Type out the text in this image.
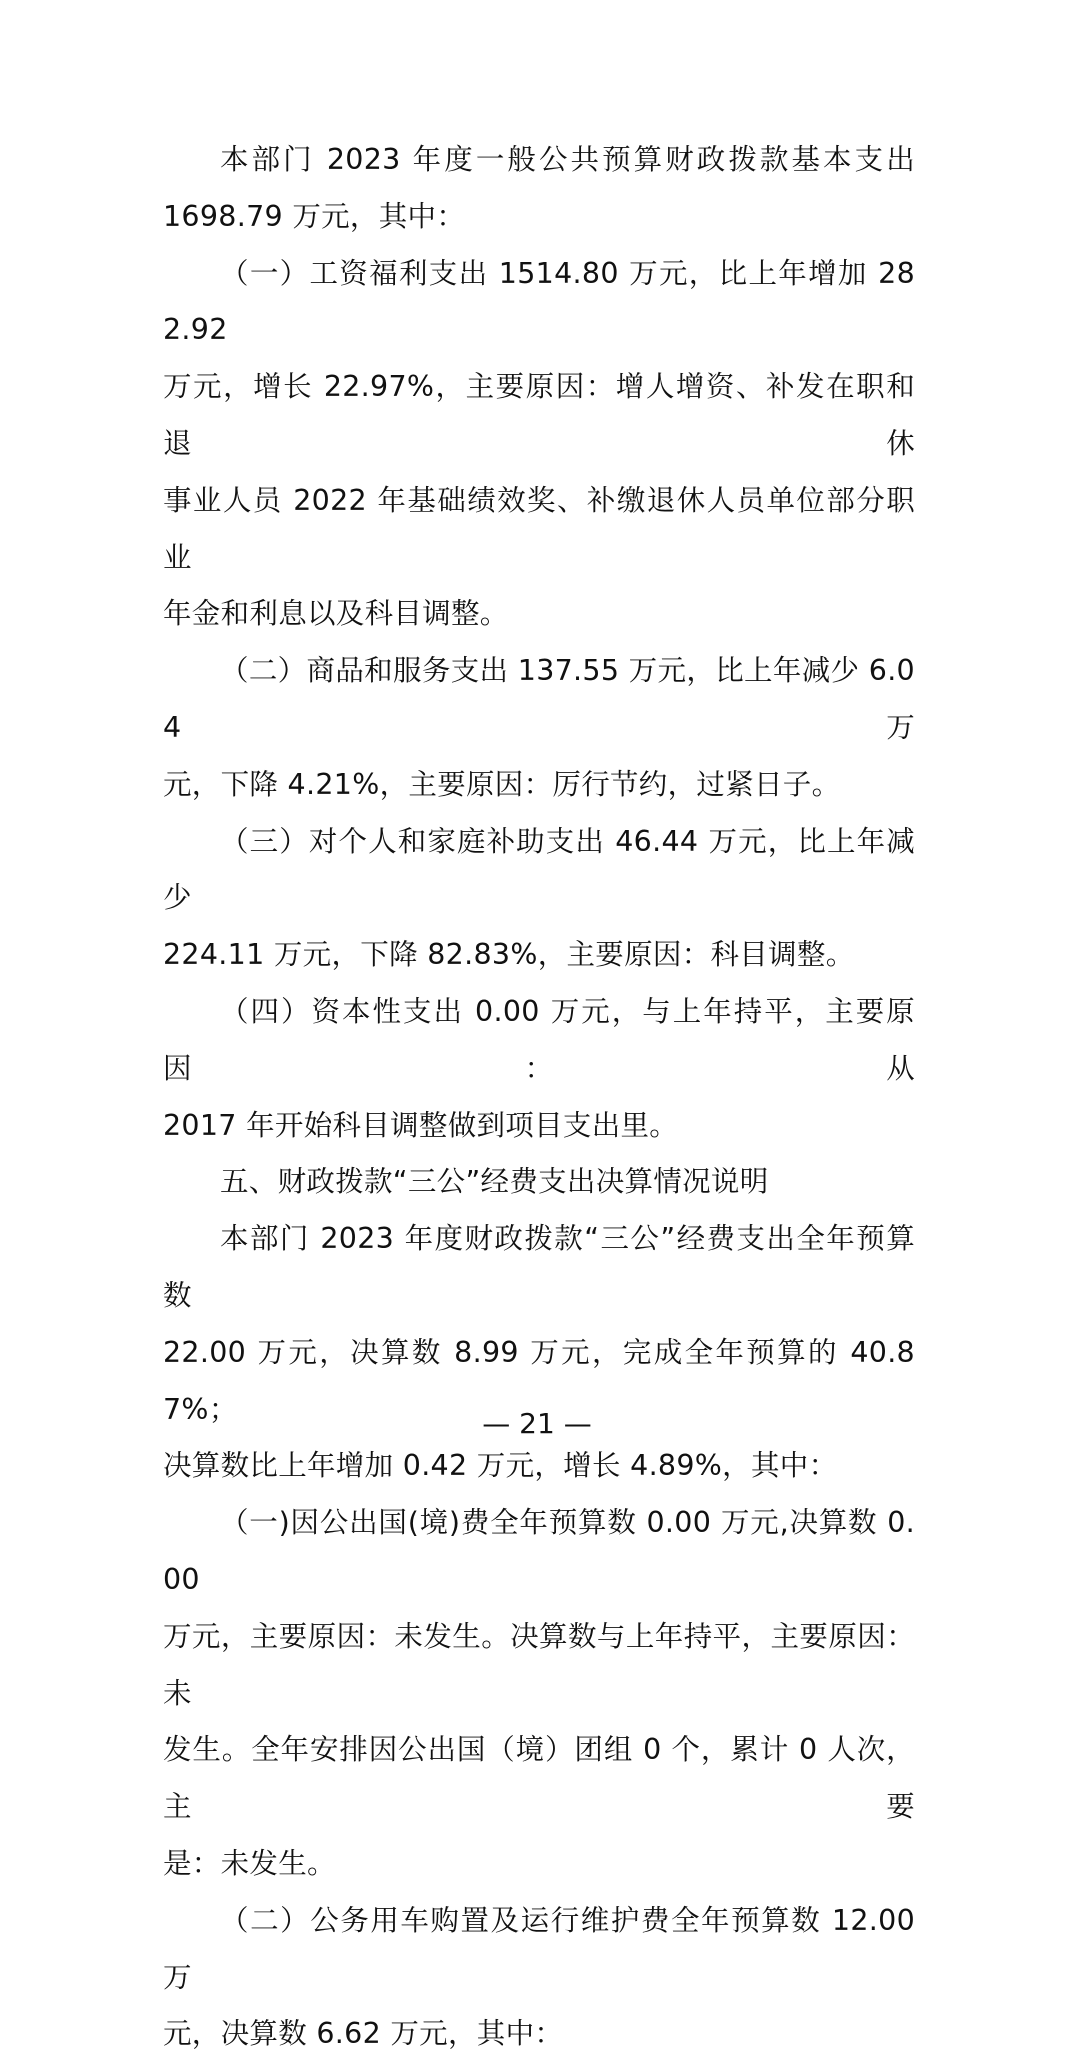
本部门 2023 年度一般公共预算财政拨款基本支出
1698.79 万元，其中：

（一）工资福利支出 1514.80 万元，比上年增加 282.92
万元，增长 22.97%，主要原因：增人增资、补发在职和退休
事业人员 2022 年基础绩效奖、补缴退休人员单位部分职业
年金和利息以及科目调整。

（二）商品和服务支出 137.55 万元，比上年减少 6.04 万
元，下降 4.21%，主要原因：厉行节约，过紧日子。

（三）对个人和家庭补助支出 46.44 万元，比上年减少
224.11 万元，下降 82.83%，主要原因：科目调整。

（四）资本性支出 0.00 万元，与上年持平，主要原因：从
2017 年开始科目调整做到项目支出里。

五、财政拨款“三公”经费支出决算情况说明

本部门 2023 年度财政拨款“三公”经费支出全年预算数
22.00 万元，决算数 8.99 万元，完成全年预算的 40.87%；
决算数比上年增加 0.42 万元，增长 4.89%，其中：

（一)因公出国(境)费全年预算数 0.00 万元,决算数 0.00
万元，主要原因：未发生。决算数与上年持平，主要原因：未
发生。全年安排因公出国（境）团组 0 个，累计 0 人次，主要
是：未发生。

（二）公务用车购置及运行维护费全年预算数 12.00 万
元，决算数 6.62 万元，其中：

— 21 —
